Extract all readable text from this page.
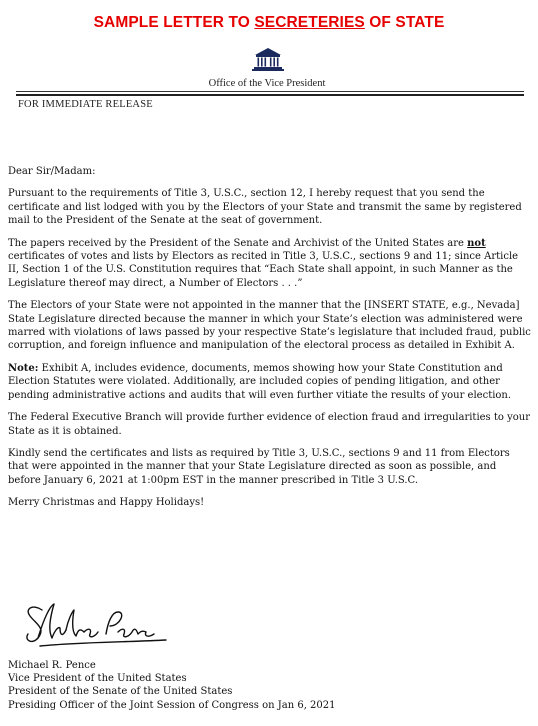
SAMPLE LETTER TO SECRETERIES OF STATE
Office of the Vice President
FOR IMMEDIATE RELEASE

Dear Sir/Madam:

Pursuant to the requirements of Title 3, U.S.C., section 12, I hereby request that you send the certificate and list lodged with you by the Electors of your State and transmit the same by registered mail to the President of the Senate at the seat of government.

The papers received by the President of the Senate and Archivist of the United States are not certificates of votes and lists by Electors as recited in Title 3, U.S.C., sections 9 and 11; since Article II, Section 1 of the U.S. Constitution requires that “Each State shall appoint, in such Manner as the Legislature thereof may direct, a Number of Electors . . .”

The Electors of your State were not appointed in the manner that the [INSERT STATE, e.g., Nevada] State Legislature directed because the manner in which your State’s election was administered were marred with violations of laws passed by your respective State’s legislature that included fraud, public corruption, and foreign influence and manipulation of the electoral process as detailed in Exhibit A.

Note: Exhibit A, includes evidence, documents, memos showing how your State Constitution and Election Statutes were violated. Additionally, are included copies of pending litigation, and other pending administrative actions and audits that will even further vitiate the results of your election.

The Federal Executive Branch will provide further evidence of election fraud and irregularities to your State as it is obtained.

Kindly send the certificates and lists as required by Title 3, U.S.C., sections 9 and 11 from Electors that were appointed in the manner that your State Legislature directed as soon as possible, and before January 6, 2021 at 1:00pm EST in the manner prescribed in Title 3 U.S.C.

Merry Christmas and Happy Holidays!

Michael R. Pence
Vice President of the United States
President of the Senate of the United States
Presiding Officer of the Joint Session of Congress on Jan 6, 2021
